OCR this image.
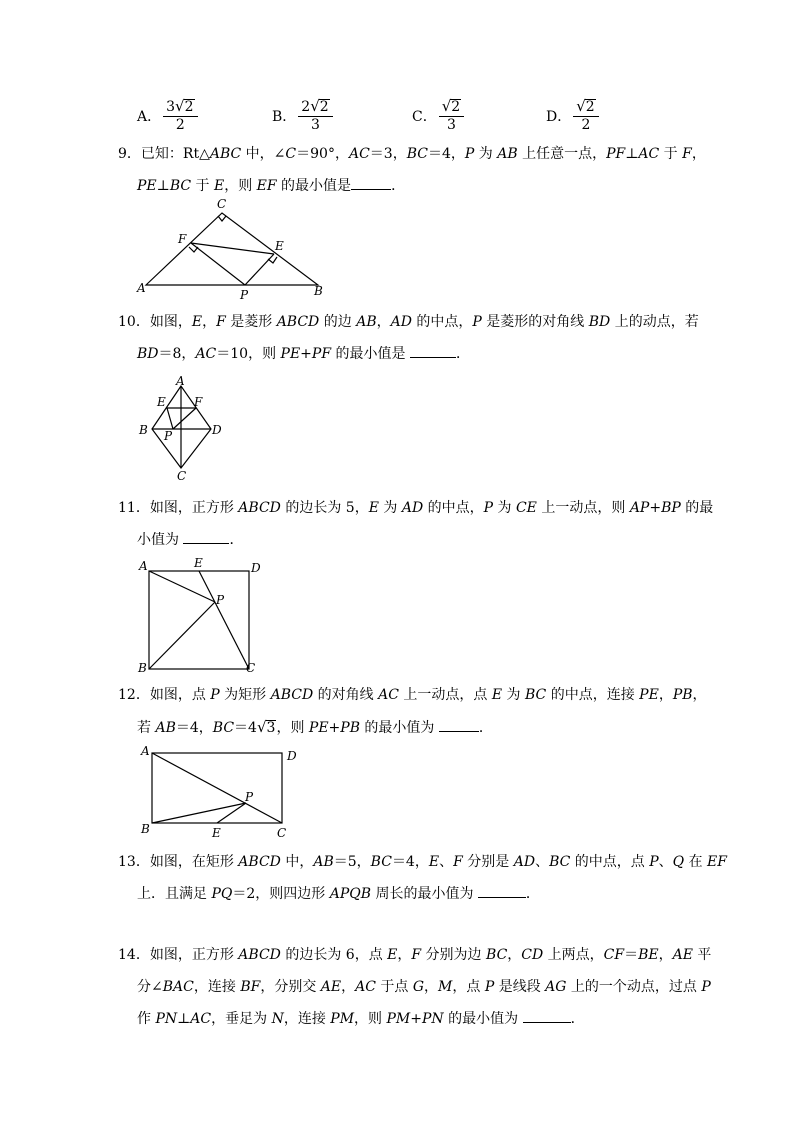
A． $\frac{3√2}{2}$	B． $\frac{2√2}{3}$	C． $\frac{√2}{3}$	D． $\frac{√2}{2}$
9．已知：Rt△ABC 中，∠C＝90°，AC＝3，BC＝4，P 为 AB 上任意一点，PF⊥AC 于 F，
PE⊥BC 于 E，则 EF 的最小值是	．
C
F	E
A	P	B
10．如图，E，F 是菱形 ABCD 的边 AB，AD 的中点，P 是菱形的对角线 BD 上的动点，若
BD＝8，AC＝10，则 PE+PF 的最小值是	．
A
E F
B P	D
C
11．如图，正方形 ABCD 的边长为 5，E 为 AD 的中点，P 为 CE 上一动点，则 AP+BP 的最
小值为	．
A	E	D
P
B	C
12．如图，点 P 为矩形 ABCD 的对角线 AC 上一动点，点 E 为 BC 的中点，连接 PE，PB，
若 AB＝4，BC＝4√3，则 PE+PB 的最小值为	．
A	D
P
B	E	C
13．如图，在矩形 ABCD 中，AB＝5，BC＝4，E、F 分别是 AD、BC 的中点，点 P、Q 在 EF
上．且满足 PQ＝2，则四边形 APQB 周长的最小值为	．
14．如图，正方形 ABCD 的边长为 6，点 E，F 分别为边 BC，CD 上两点，CF＝BE，AE 平
分∠BAC，连接 BF，分别交 AE，AC 于点 G，M，点 P 是线段 AG 上的一个动点，过点 P
作 PN⊥AC，垂足为 N，连接 PM，则 PM+PN 的最小值为	．
